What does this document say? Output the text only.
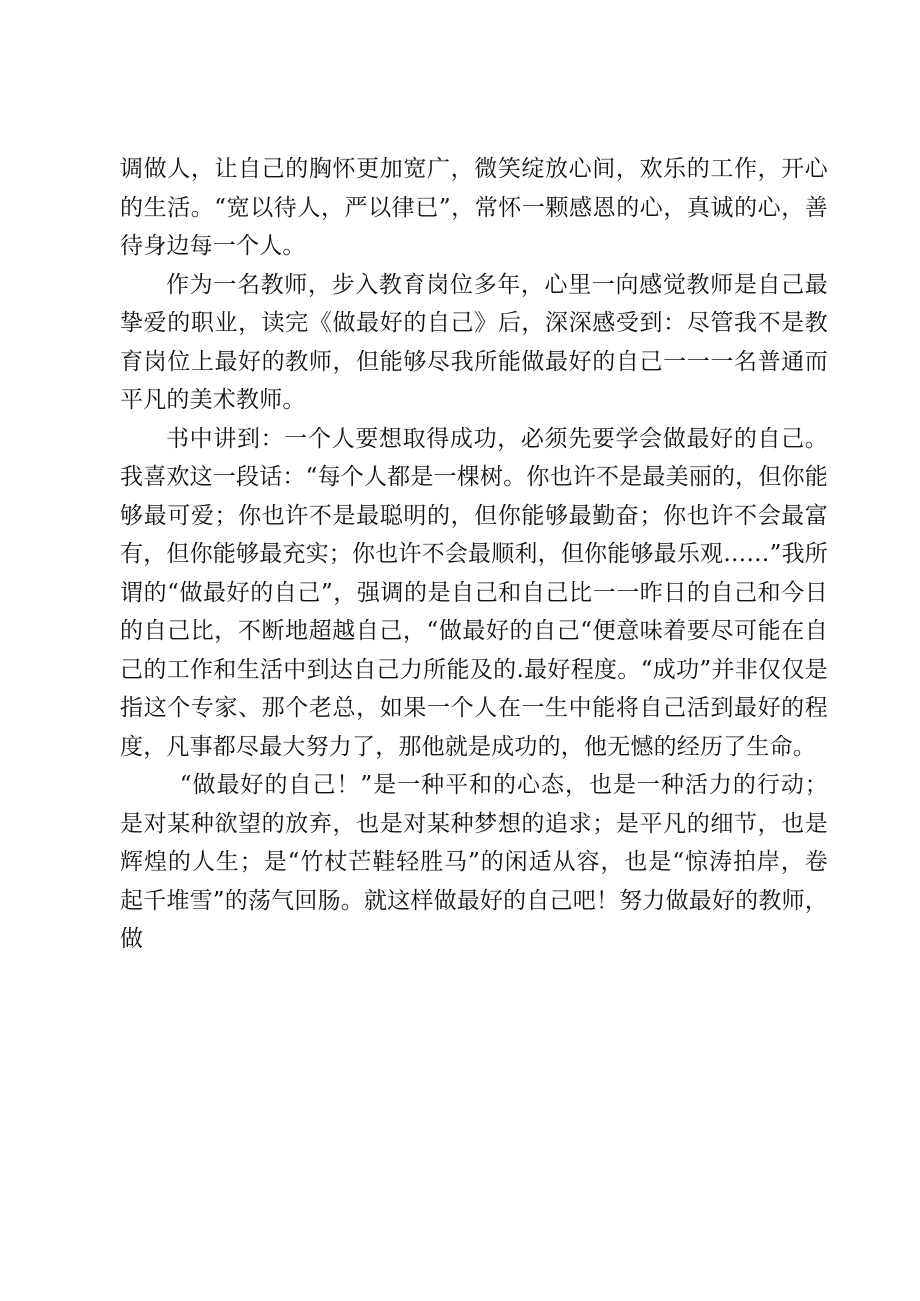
调做人，让自己的胸怀更加宽广，微笑绽放心间，欢乐的工作，开心的生活。“宽以待人，严以律已”，常怀一颗感恩的心，真诚的心，善待身边每一个人。

作为一名教师，步入教育岗位多年，心里一向感觉教师是自己最挚爱的职业，读完《做最好的自己》后，深深感受到：尽管我不是教育岗位上最好的教师，但能够尽我所能做最好的自己一一一名普通而平凡的美术教师。

书中讲到：一个人要想取得成功，必须先要学会做最好的自己。我喜欢这一段话：“每个人都是一棵树。你也许不是最美丽的，但你能够最可爱；你也许不是最聪明的，但你能够最勤奋；你也许不会最富有，但你能够最充实；你也许不会最顺利，但你能够最乐观……”我所谓的“做最好的自己”，强调的是自己和自己比一一昨日的自己和今日的自己比，不断地超越自己，“做最好的自己“便意味着要尽可能在自己的工作和生活中到达自己力所能及的.最好程度。“成功”并非仅仅是指这个专家、那个老总，如果一个人在一生中能将自己活到最好的程度，凡事都尽最大努力了，那他就是成功的，他无憾的经历了生命。

“做最好的自己！”是一种平和的心态，也是一种活力的行动；是对某种欲望的放弃，也是对某种梦想的追求；是平凡的细节，也是辉煌的人生；是“竹杖芒鞋轻胜马”的闲适从容，也是“惊涛拍岸，卷起千堆雪”的荡气回肠。就这样做最好的自己吧！努力做最好的教师，做
